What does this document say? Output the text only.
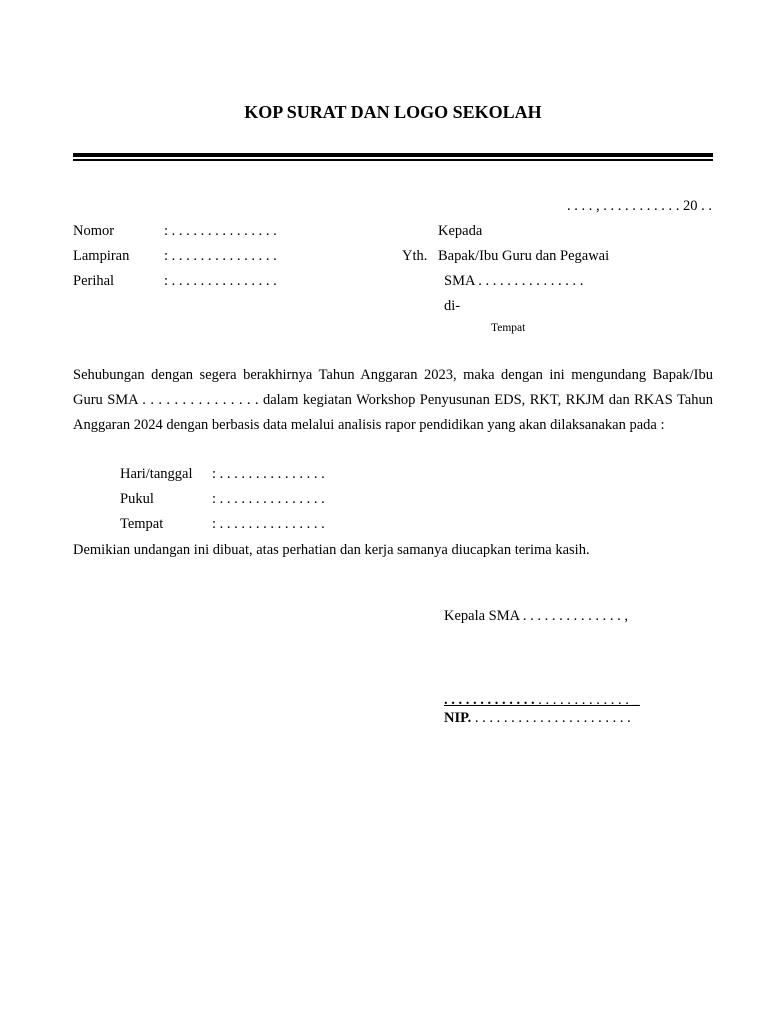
KOP SURAT DAN LOGO SEKOLAH
. . . . , . . . . . . . . . . . 20 . .
Nomor	: . . . . . . . . . . . . . . .
Lampiran : . . . . . . . . . . . . . . .
Perihal	: . . . . . . . . . . . . . . .
Kepada
Yth. Bapak/Ibu Guru dan Pegawai
SMA . . . . . . . . . . . . . . .
di-
Tempat
Sehubungan dengan segera berakhirnya Tahun Anggaran 2023, maka dengan ini mengundang Bapak/Ibu Guru SMA . . . . . . . . . . . . . . . dalam kegiatan Workshop Penyusunan EDS, RKT, RKJM dan RKAS Tahun Anggaran 2024 dengan berbasis data melalui analisis rapor pendidikan yang akan dilaksanakan pada :
Hari/tanggal : . . . . . . . . . . . . . . .
Pukul	: . . . . . . . . . . . . . . .
Tempat	: . . . . . . . . . . . . . . .
Demikian undangan ini dibuat, atas perhatian dan kerja samanya diucapkan terima kasih.
Kepala SMA . . . . . . . . . . . . . . ,
. . . . . . . . . . . . . . . . . . . . . . . . . . _
NIP. . . . . . . . . . . . . . . . . . . . . . .
